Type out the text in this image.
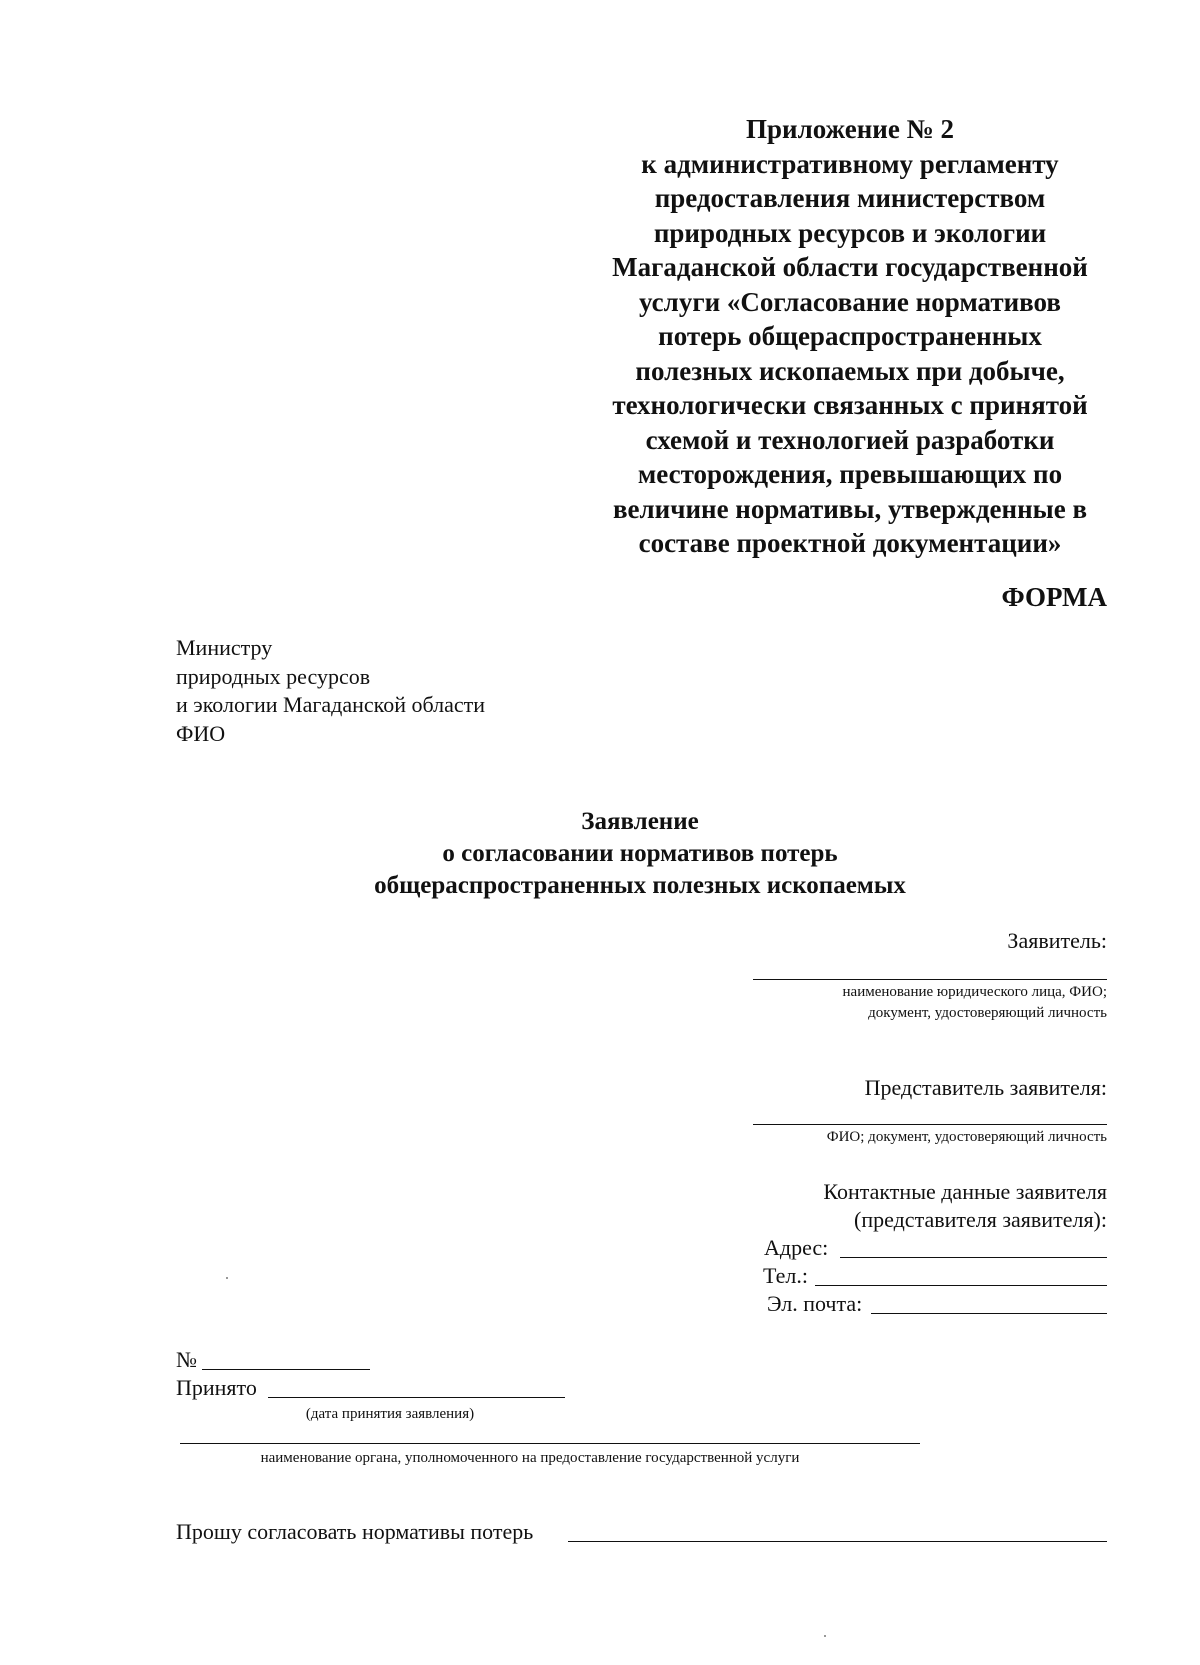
Приложение № 2
к административному регламенту
предоставления министерством
природных ресурсов и экологии
Магаданской области государственной
услуги «Согласование нормативов
потерь общераспространенных
полезных ископаемых при добыче,
технологически связанных с принятой
схемой и технологией разработки
месторождения, превышающих по
величине нормативы, утвержденные в
составе проектной документации»
ФОРМА
Министру
природных ресурсов
и экологии Магаданской области
ФИО
Заявление
о согласовании нормативов потерь
общераспространенных полезных ископаемых
Заявитель:
наименование юридического лица, ФИО;
документ, удостоверяющий личность
Представитель заявителя:
ФИО; документ, удостоверяющий личность
Контактные данные заявителя
(представителя заявителя):
Адрес:
Тел.:
Эл. почта:
№
Принято
(дата принятия заявления)
наименование органа, уполномоченного на предоставление государственной услуги
Прошу согласовать нормативы потерь
